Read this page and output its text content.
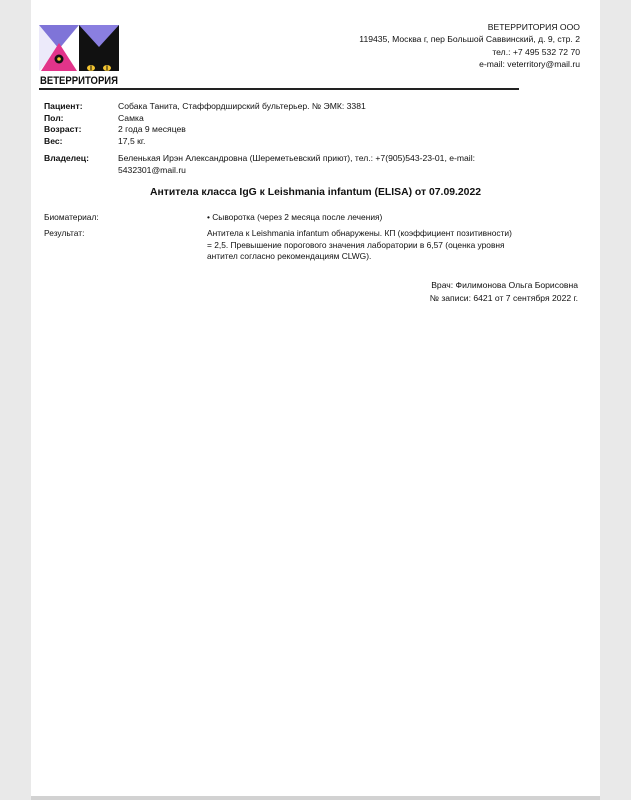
ВЕТЕРРИТОРИЯ
ВЕТЕРРИТОРИЯ ООО
119435, Москва г, пер Большой Саввинский, д. 9, стр. 2
тел.: +7 495 532 72 70
e-mail: veterritory@mail.ru
Пациент:	Собака Танита, Стаффордширский бультерьер. № ЭМК: 3381
Пол:	Самка
Возраст:	2 года 9 месяцев
Вес:	17,5 кг.
Владелец:	Беленькая Ирэн Александровна (Шереметьевский приют), тел.: +7(905)543-23-01, e-mail: 5432301@mail.ru
Антитела класса IgG к Leishmania infantum (ELISA) от 07.09.2022
Биоматериал:	• Сыворотка (через 2 месяца после лечения)
Результат:	Антитела к Leishmania infantum обнаружены. КП (коэффициент позитивности) = 2,5. Превышение порогового значения лаборатории в 6,57 (оценка уровня антител согласно рекомендациям CLWG).
Врач: Филимонова Ольга Борисовна
№ записи: 6421 от 7 сентября 2022 г.
